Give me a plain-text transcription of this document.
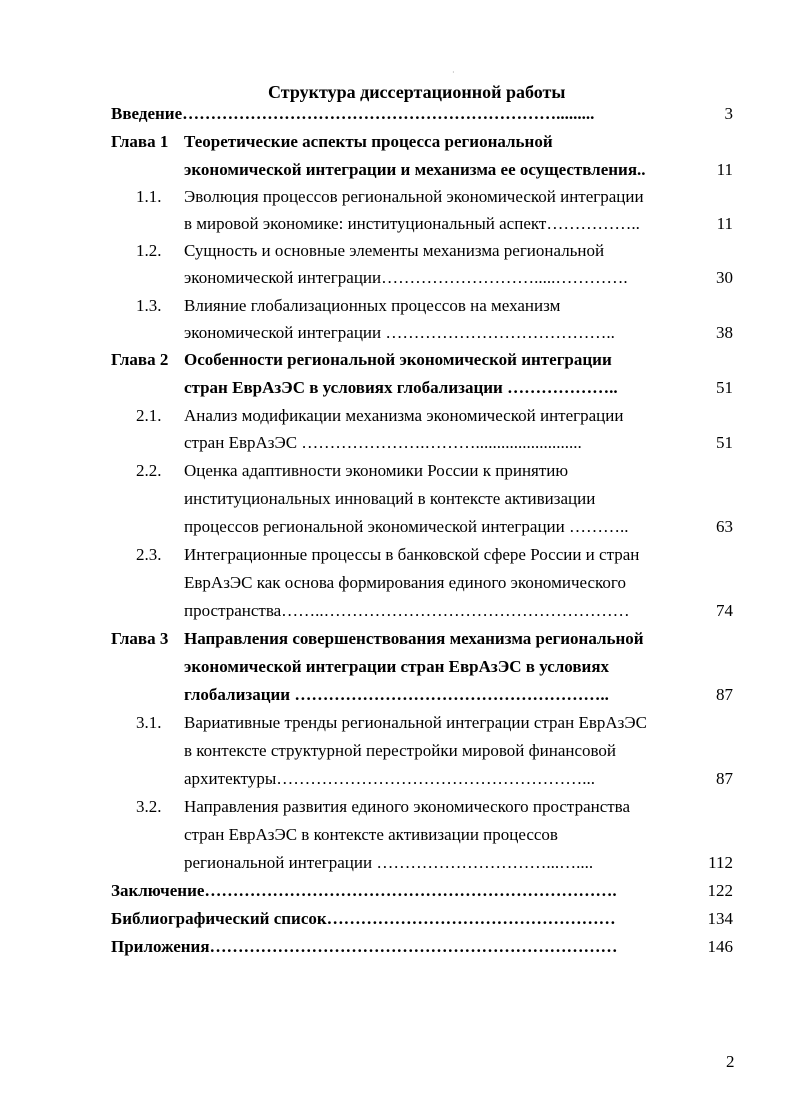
·
Структура диссертационной работы
Введение………………………………………………………….........	3
Глава 1 Теоретические аспекты процесса региональной
экономической интеграции и механизма ее осуществления..	11
1.1. Эволюция процессов региональной экономической интеграции
в мировой экономике: институциональный аспект……………..	11
1.2. Сущность и основные элементы механизма региональной
экономической интеграции……………………….....………….	30
1.3. Влияние глобализационных процессов на механизм
экономической интеграции …………………………………..	38
Глава 2 Особенности региональной экономической интеграции
стран ЕврАзЭС в условиях глобализации ………………..	51
2.1. Анализ модификации механизма экономической интеграции
стран ЕврАзЭС ………………….……….........................	51
2.2. Оценка адаптивности экономики России к принятию
институциональных инноваций в контексте активизации
процессов региональной экономической интеграции ………..	63
2.3. Интеграционные процессы в банковской сфере России и стран
ЕврАзЭС как основа формирования единого экономического
пространства……..………………………………………………	74
Глава 3 Направления совершенствования механизма региональной
экономической интеграции стран ЕврАзЭС в условиях
глобализации ………………………………………………..	87
3.1. Вариативные тренды региональной интеграции стран ЕврАзЭС
в контексте структурной перестройки мировой финансовой
архитектуры………………………………………………...	87
3.2. Направления развития единого экономического пространства
стран ЕврАзЭС в контексте активизации процессов
региональной интеграции …………………………...…....	112
Заключение……………………………………………………………….	122
Библиографический список……………………………………………	134
Приложения………………………………………………………………	146
2
